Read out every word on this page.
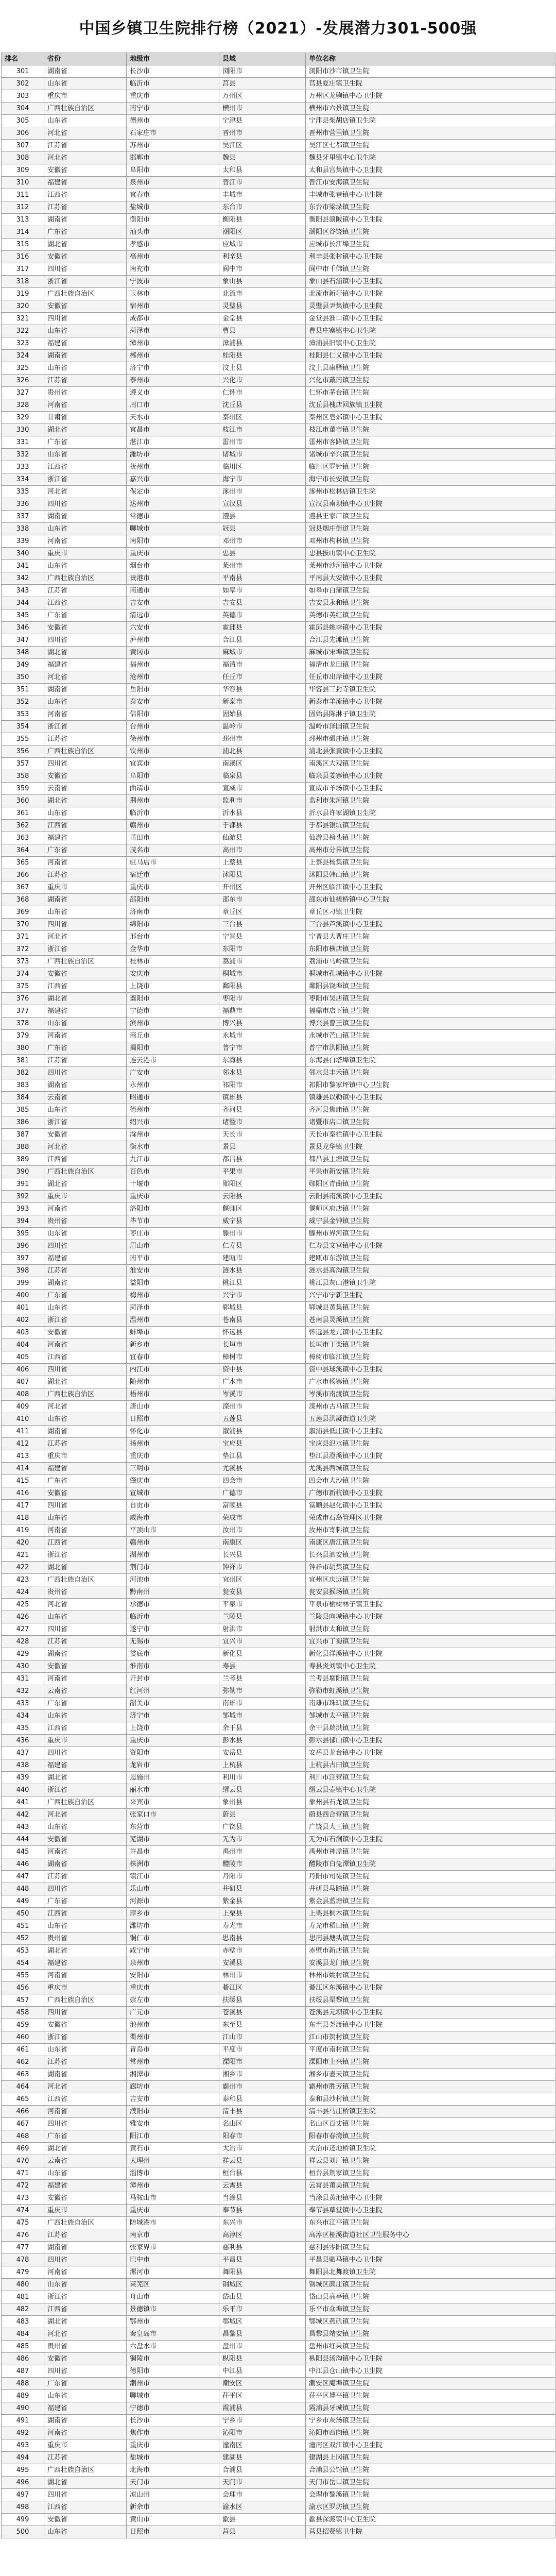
中国乡镇卫生院排行榜（2021）-发展潜力301-500强
排名	省份	地级市	县域	单位名称
301	湖南省	长沙市	浏阳市	浏阳市沙市镇卫生院
302	山东省	临沂市	莒县	莒县夏庄镇卫生院
303	重庆市	重庆市	万州区	万州区龙驹镇中心卫生院
304	广西壮族自治区	南宁市	横州市	横州市六景镇卫生院
305	山东省	德州市	宁津县	宁津县柴胡店镇卫生院
306	河北省	石家庄市	晋州市	晋州市营里镇卫生院
307	江苏省	苏州市	吴江区	吴江区七都镇卫生院
308	河北省	邯郸市	魏县	魏县牙里镇中心卫生院
309	安徽省	阜阳市	太和县	太和县宫集镇中心卫生院
310	福建省	泉州市	晋江市	晋江市安海镇卫生院
311	江西省	宜春市	丰城市	丰城市张巷镇中心卫生院
312	江苏省	盐城市	东台市	东台市梁垛镇卫生院
313	湖南省	衡阳市	衡阳县	衡阳县演陂镇中心卫生院
314	广东省	汕头市	潮阳区	潮阳区谷饶镇卫生院
315	湖北省	孝感市	应城市	应城市长江埠卫生院
316	安徽省	亳州市	利辛县	利辛县张村镇中心卫生院
317	四川省	南充市	阆中市	阆中市千佛镇卫生院
318	浙江省	宁波市	象山县	象山县石浦镇中心卫生院
319	广西壮族自治区	玉林市	北流市	北流市新圩镇中心卫生院
320	安徽省	宿州市	灵璧县	灵璧县尹集镇中心卫生院
321	四川省	成都市	金堂县	金堂县淮口镇中心卫生院
322	山东省	菏泽市	曹县	曹县庄寨镇中心卫生院
323	福建省	漳州市	漳浦县	漳浦县旧镇中心卫生院
324	湖南省	郴州市	桂阳县	桂阳县仁义镇中心卫生院
325	山东省	济宁市	汶上县	汶上县康驿镇卫生院
326	江苏省	泰州市	兴化市	兴化市戴南镇卫生院
327	贵州省	遵义市	仁怀市	仁怀市茅台镇卫生院
328	河南省	周口市	沈丘县	沈丘县槐店回族镇卫生院
329	甘肃省	天水市	秦州区	秦州区皂郊镇中心卫生院
330	湖北省	宜昌市	枝江市	枝江市董市镇卫生院
331	广东省	湛江市	雷州市	雷州市客路镇卫生院
332	山东省	潍坊市	诸城市	诸城市辛兴镇卫生院
333	江西省	抚州市	临川区	临川区罗针镇卫生院
334	浙江省	嘉兴市	海宁市	海宁市长安镇卫生院
335	河北省	保定市	涿州市	涿州市松林店镇卫生院
336	四川省	达州市	宣汉县	宣汉县南坝镇中心卫生院
337	湖南省	常德市	澧县	澧县王家厂镇卫生院
338	山东省	聊城市	冠县	冠县烟庄街道卫生院
339	河南省	南阳市	邓州市	邓州市构林镇卫生院
340	重庆市	重庆市	忠县	忠县拔山镇中心卫生院
341	山东省	烟台市	莱州市	莱州市沙河镇中心卫生院
342	广西壮族自治区	贵港市	平南县	平南县大安镇中心卫生院
343	江苏省	南通市	如皋市	如皋市白蒲镇卫生院
344	江西省	吉安市	吉安县	吉安县永和镇卫生院
345	广东省	清远市	英德市	英德市英红镇卫生院
346	安徽省	六安市	霍邱县	霍邱县姚李镇中心卫生院
347	四川省	泸州市	合江县	合江县先滩镇卫生院
348	湖北省	黄冈市	麻城市	麻城市宋埠镇卫生院
349	福建省	福州市	福清市	福清市龙田镇卫生院
350	河北省	沧州市	任丘市	任丘市出岸镇中心卫生院
351	湖南省	岳阳市	华容县	华容县三封寺镇卫生院
352	山东省	泰安市	新泰市	新泰市羊流镇中心卫生院
353	河南省	信阳市	固始县	固始县陈淋子镇卫生院
354	浙江省	台州市	温岭市	温岭市泽国镇卫生院
355	江苏省	徐州市	邳州市	邳州市碾庄镇卫生院
356	广西壮族自治区	钦州市	浦北县	浦北县张黄镇中心卫生院
357	四川省	宜宾市	南溪区	南溪区大观镇卫生院
358	安徽省	阜阳市	临泉县	临泉县姜寨镇中心卫生院
359	云南省	曲靖市	宣威市	宣威市羊场镇中心卫生院
360	湖北省	荆州市	监利市	监利市朱河镇卫生院
361	山东省	临沂市	沂水县	沂水县许家湖镇卫生院
362	江西省	赣州市	于都县	于都县银坑镇卫生院
363	福建省	莆田市	仙游县	仙游县榜头镇卫生院
364	广东省	茂名市	高州市	高州市分界镇卫生院
365	河南省	驻马店市	上蔡县	上蔡县杨集镇卫生院
366	江苏省	宿迁市	沭阳县	沭阳县韩山镇卫生院
367	重庆市	重庆市	开州区	开州区临江镇中心卫生院
368	湖南省	邵阳市	邵东市	邵东市仙槎桥镇中心卫生院
369	山东省	济南市	章丘区	章丘区刁镇卫生院
370	四川省	绵阳市	三台县	三台县芦溪镇中心卫生院
371	河北省	邢台市	宁晋县	宁晋县大曹庄卫生院
372	浙江省	金华市	东阳市	东阳市横店镇卫生院
373	广西壮族自治区	桂林市	荔浦市	荔浦市马岭镇卫生院
374	安徽省	安庆市	桐城市	桐城市孔城镇中心卫生院
375	江西省	上饶市	鄱阳县	鄱阳县饶埠镇卫生院
376	湖北省	襄阳市	枣阳市	枣阳市吴店镇卫生院
377	福建省	宁德市	福鼎市	福鼎市店下镇卫生院
378	山东省	滨州市	博兴县	博兴县曹王镇卫生院
379	河南省	商丘市	永城市	永城市芒山镇卫生院
380	广东省	揭阳市	普宁市	普宁市洪阳镇卫生院
381	江苏省	连云港市	东海县	东海县白塔埠镇卫生院
382	四川省	广安市	邻水县	邻水县丰禾镇卫生院
383	湖南省	永州市	祁阳市	祁阳市黎家坪镇中心卫生院
384	云南省	昭通市	镇雄县	镇雄县以勒镇中心卫生院
385	山东省	德州市	齐河县	齐河县焦庙镇卫生院
386	浙江省	绍兴市	诸暨市	诸暨市店口镇卫生院
387	安徽省	滁州市	天长市	天长市秦栏镇中心卫生院
388	河北省	衡水市	景县	景县龙华镇卫生院
389	江西省	九江市	都昌县	都昌县土塘镇卫生院
390	广西壮族自治区	百色市	平果市	平果市新安镇卫生院
391	湖北省	十堰市	郧阳区	郧阳区青曲镇卫生院
392	重庆市	重庆市	云阳县	云阳县南溪镇中心卫生院
393	河南省	洛阳市	偃师区	偃师区府店镇卫生院
394	贵州省	毕节市	威宁县	威宁县金钟镇卫生院
395	山东省	枣庄市	滕州市	滕州市界河镇卫生院
396	四川省	眉山市	仁寿县	仁寿县文宫镇中心卫生院
397	福建省	南平市	建瓯市	建瓯市东游镇卫生院
398	江苏省	淮安市	涟水县	涟水县高沟镇卫生院
399	湖南省	益阳市	桃江县	桃江县灰山港镇卫生院
400	广东省	梅州市	兴宁市	兴宁市宁新卫生院
401	山东省	菏泽市	郓城县	郓城县黄集镇卫生院
402	浙江省	温州市	苍南县	苍南县灵溪镇卫生院
403	安徽省	蚌埠市	怀远县	怀远县龙亢镇中心卫生院
404	河南省	新乡市	长垣市	长垣市丁栾镇卫生院
405	江西省	宜春市	樟树市	樟树市临江镇卫生院
406	四川省	内江市	资中县	资中县球溪镇中心卫生院
407	湖北省	随州市	广水市	广水市杨寨镇卫生院
408	广西壮族自治区	梧州市	岑溪市	岑溪市南渡镇卫生院
409	河北省	唐山市	滦州市	滦州市古马镇卫生院
410	山东省	日照市	五莲县	五莲县洪凝街道卫生院
411	湖南省	怀化市	溆浦县	溆浦县低庄镇中心卫生院
412	江苏省	扬州市	宝应县	宝应县氾水镇卫生院
413	重庆市	重庆市	垫江县	垫江县澄溪镇中心卫生院
414	福建省	三明市	尤溪县	尤溪县西城镇卫生院
415	广东省	肇庆市	四会市	四会市大沙镇卫生院
416	安徽省	宣城市	广德市	广德市新杭镇中心卫生院
417	四川省	自贡市	富顺县	富顺县赵化镇中心卫生院
418	山东省	威海市	荣成市	荣成市石岛管理区卫生院
419	河南省	平顶山市	汝州市	汝州市寄料镇卫生院
420	江西省	赣州市	南康区	南康区唐江镇卫生院
421	浙江省	湖州市	长兴县	长兴县泗安镇卫生院
422	湖北省	荆门市	钟祥市	钟祥市胡集镇卫生院
423	广西壮族自治区	河池市	宜州区	宜州区庆远镇卫生院
424	贵州省	黔南州	瓮安县	瓮安县猴场镇卫生院
425	河北省	承德市	平泉市	平泉市榆树林子镇卫生院
426	山东省	临沂市	兰陵县	兰陵县向城镇中心卫生院
427	四川省	遂宁市	射洪市	射洪市太和镇卫生院
428	江苏省	无锡市	宜兴市	宜兴市丁蜀镇卫生院
429	湖南省	娄底市	新化县	新化县洋溪镇中心卫生院
430	安徽省	淮南市	寿县	寿县炎刘镇中心卫生院
431	河南省	开封市	兰考县	兰考县堌阳镇卫生院
432	云南省	红河州	弥勒市	弥勒市虹溪镇卫生院
433	广东省	韶关市	南雄市	南雄市珠玑镇卫生院
434	山东省	济宁市	邹城市	邹城市太平镇卫生院
435	江西省	上饶市	余干县	余干县瑞洪镇卫生院
436	重庆市	重庆市	彭水县	彭水县郁山镇中心卫生院
437	四川省	资阳市	安岳县	安岳县龙台镇中心卫生院
438	福建省	龙岩市	上杭县	上杭县古田镇卫生院
439	湖北省	恩施州	利川市	利川市汪营镇卫生院
440	浙江省	丽水市	缙云县	缙云县壶镇中心卫生院
441	广西壮族自治区	来宾市	象州县	象州县石龙镇卫生院
442	河北省	张家口市	蔚县	蔚县西合营镇卫生院
443	山东省	东营市	广饶县	广饶县大王镇卫生院
444	安徽省	芜湖市	无为市	无为市石涧镇中心卫生院
445	河南省	许昌市	禹州市	禹州市神垕镇卫生院
446	湖南省	株洲市	醴陵市	醴陵市白兔潭镇卫生院
447	江苏省	镇江市	丹阳市	丹阳市司徒镇卫生院
448	四川省	乐山市	井研县	井研县马踏镇卫生院
449	广东省	河源市	紫金县	紫金县蓝塘镇卫生院
450	江西省	萍乡市	上栗县	上栗县桐木镇卫生院
451	山东省	潍坊市	寿光市	寿光市稻田镇卫生院
452	贵州省	铜仁市	思南县	思南县塘头镇卫生院
453	湖北省	咸宁市	赤壁市	赤壁市新店镇卫生院
454	福建省	泉州市	安溪县	安溪县龙门镇卫生院
455	河南省	安阳市	林州市	林州市姚村镇卫生院
456	重庆市	重庆市	綦江区	綦江区东溪镇中心卫生院
457	广西壮族自治区	崇左市	扶绥县	扶绥县渠黎镇卫生院
458	四川省	广元市	苍溪县	苍溪县元坝镇中心卫生院
459	安徽省	池州市	东至县	东至县尧渡镇中心卫生院
460	浙江省	衢州市	江山市	江山市贺村镇卫生院
461	山东省	青岛市	平度市	平度市南村镇卫生院
462	江苏省	常州市	溧阳市	溧阳市上兴镇卫生院
463	湖南省	湘潭市	湘乡市	湘乡市壶天镇卫生院
464	河北省	廊坊市	霸州市	霸州市胜芳镇卫生院
465	江西省	吉安市	泰和县	泰和县沙村镇卫生院
466	河南省	濮阳市	清丰县	清丰县马庄桥镇卫生院
467	四川省	雅安市	名山区	名山区百丈镇卫生院
468	广东省	阳江市	阳春市	阳春市春湾镇卫生院
469	湖北省	黄石市	大冶市	大冶市还地桥镇卫生院
470	云南省	大理州	祥云县	祥云县刘厂镇卫生院
471	山东省	淄博市	桓台县	桓台县荆家镇卫生院
472	福建省	漳州市	云霄县	云霄县莆美镇卫生院
473	安徽省	马鞍山市	当涂县	当涂县黄池镇中心卫生院
474	重庆市	重庆市	奉节县	奉节县草堂镇中心卫生院
475	广西壮族自治区	防城港市	东兴市	东兴市江平镇卫生院
476	江苏省	南京市	高淳区	高淳区桠溪街道社区卫生服务中心
477	湖南省	张家界市	慈利县	慈利县零阳镇卫生院
478	四川省	巴中市	平昌县	平昌县驷马镇中心卫生院
479	河南省	漯河市	舞阳县	舞阳县北舞渡镇卫生院
480	山东省	莱芜区	钢城区	钢城区颜庄镇卫生院
481	浙江省	舟山市	岱山县	岱山县高亭镇卫生院
482	江西省	景德镇市	乐平市	乐平市众埠镇卫生院
483	湖北省	鄂州市	鄂城区	鄂城区燕矶镇卫生院
484	河北省	秦皇岛市	昌黎县	昌黎县靖安镇卫生院
485	贵州省	六盘水市	盘州市	盘州市红果镇卫生院
486	安徽省	铜陵市	枞阳县	枞阳县汤沟镇中心卫生院
487	四川省	德阳市	中江县	中江县仓山镇中心卫生院
488	广东省	潮州市	潮安区	潮安区庵埠镇卫生院
489	山东省	聊城市	茌平区	茌平区博平镇卫生院
490	福建省	宁德市	霞浦县	霞浦县牙城镇卫生院
491	湖南省	长沙市	宁乡市	宁乡市灰汤镇卫生院
492	河南省	焦作市	沁阳市	沁阳市西向镇卫生院
493	重庆市	重庆市	潼南区	潼南区双江镇中心卫生院
494	江苏省	盐城市	建湖县	建湖县上冈镇卫生院
495	广西壮族自治区	北海市	合浦县	合浦县公馆镇卫生院
496	湖北省	天门市	天门市	天门市岳口镇卫生院
497	四川省	凉山州	会理市	会理市黎溪镇卫生院
498	江西省	新余市	渝水区	渝水区罗坊镇卫生院
499	安徽省	黄山市	歙县	歙县深渡镇中心卫生院
500	山东省	日照市	莒县	莒县招贤镇卫生院
